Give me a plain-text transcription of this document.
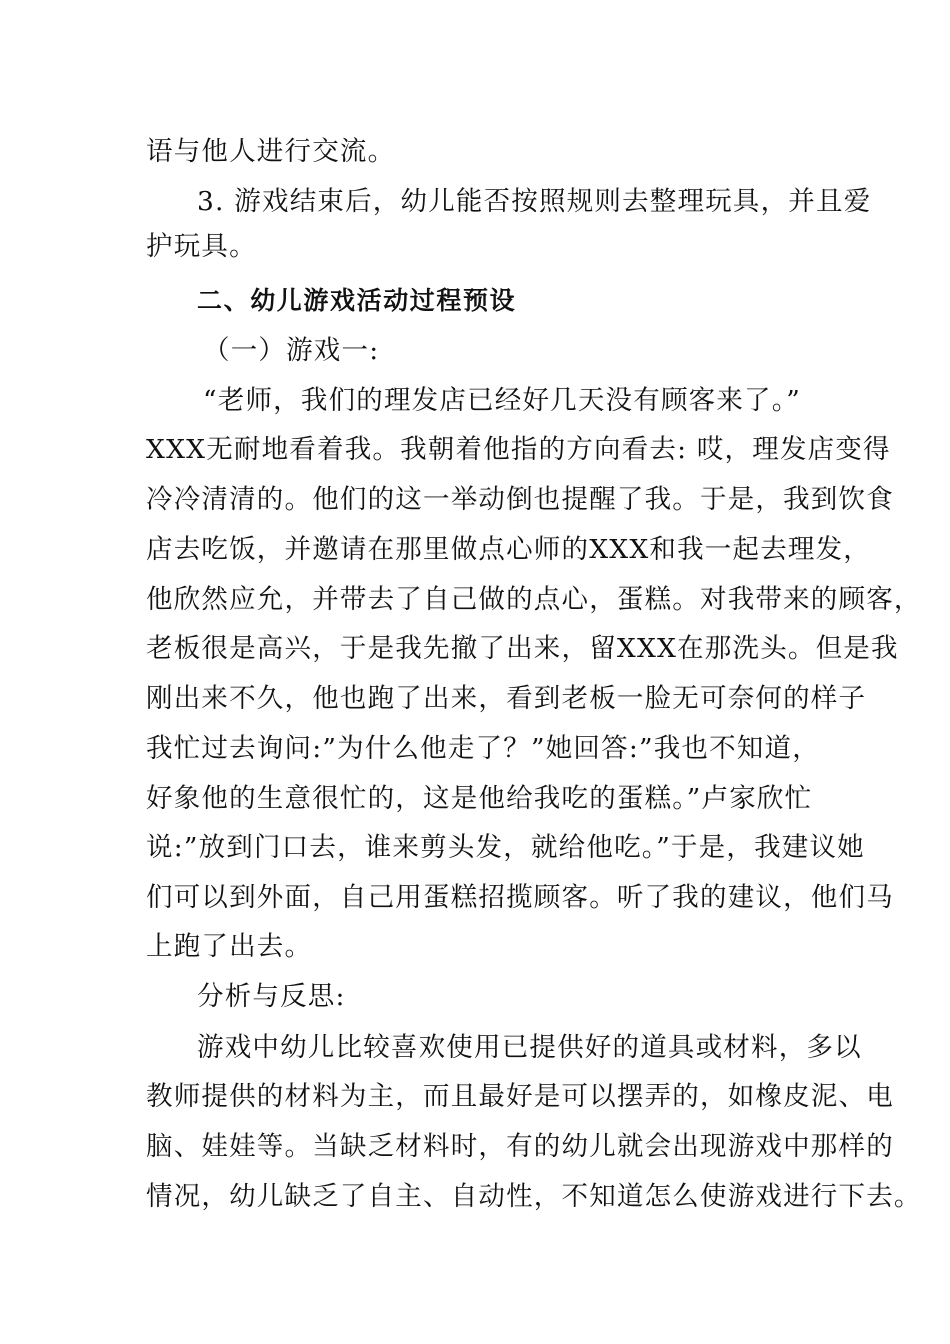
语与他人进行交流。
3. 游戏结束后，幼儿能否按照规则去整理玩具，并且爱
护玩具。
二、幼儿游戏活动过程预设
（一）游戏一:
“老师，我们的理发店已经好几天没有顾客来了。”
XXX无耐地看着我。我朝着他指的方向看去: 哎，理发店变得
冷冷清清的。他们的这一举动倒也提醒了我。于是，我到饮食
店去吃饭，并邀请在那里做点心师的XXX和我一起去理发，
他欣然应允，并带去了自己做的点心，蛋糕。对我带来的顾客，
老板很是高兴，于是我先撤了出来，留XXX在那洗头。但是我
刚出来不久，他也跑了出来，看到老板一脸无可奈何的样子
我忙过去询问:”为什么他走了？”她回答:”我也不知道，
好象他的生意很忙的，这是他给我吃的蛋糕。”卢家欣忙
说:”放到门口去，谁来剪头发，就给他吃。”于是，我建议她
们可以到外面，自己用蛋糕招揽顾客。听了我的建议，他们马
上跑了出去。
分析与反思:
游戏中幼儿比较喜欢使用已提供好的道具或材料，多以
教师提供的材料为主，而且最好是可以摆弄的，如橡皮泥、电
脑、娃娃等。当缺乏材料时，有的幼儿就会出现游戏中那样的
情况，幼儿缺乏了自主、自动性，不知道怎么使游戏进行下去。
